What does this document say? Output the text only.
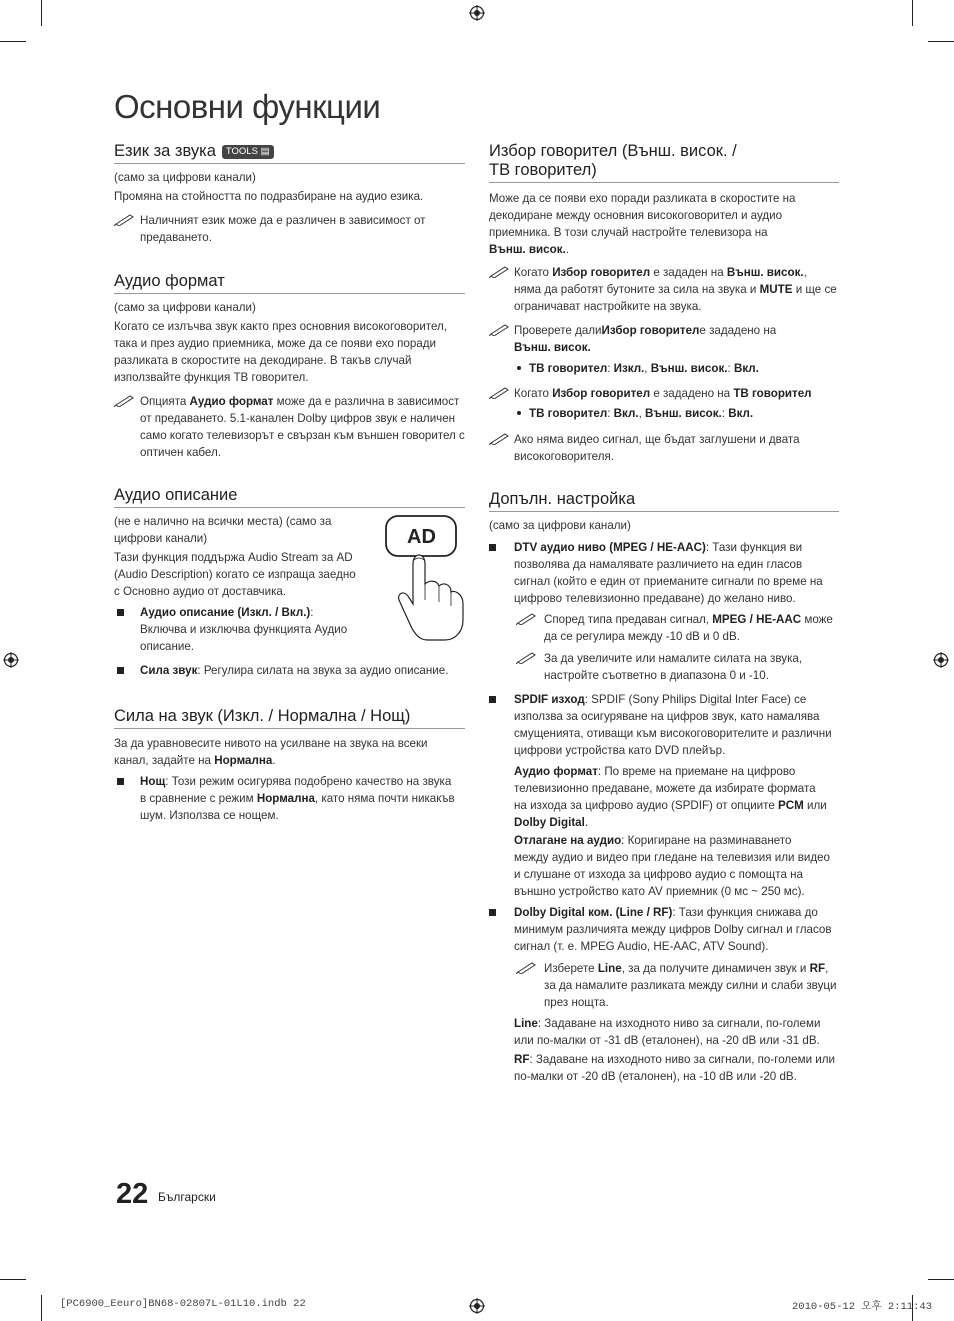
Основни функции
Език за звука TOOLS ▤
(само за цифрови канали)
Промяна на стойността по подразбиране на аудио езика.
Наличният език може да е различен в зависимост от
предаването.
Аудио формат
(само за цифрови канали)
Когато се излъчва звук както през основния високоговорител,
така и през аудио приемника, може да се появи ехо поради
разликата в скоростите на декодиране. В такъв случай
използвайте функция ТВ говорител.
Опцията Аудио формат може да е различна в зависимост
от предаването. 5.1-канален Dolby цифров звук е наличен
само когато телевизорът е свързан към външен говорител с
оптичен кабел.
Аудио описание
(не е налично на всички места) (само за
цифрови канали)
Тази функция поддържа Audio Stream за AD
(Audio Description) когато се изпраща заедно
с Основно аудио от доставчика.
AD
Аудио описание (Изкл. / Вкл.):
Включва и изключва функцията Аудио
описание.
Сила звук: Регулира силата на звука за аудио описание.
Сила на звук (Изкл. / Нормална / Нощ)
За да уравновесите нивото на усилване на звука на всеки
канал, задайте на Нормална.
Нощ: Този режим осигурява подобрено качество на звука
в сравнение с режим Нормална, като няма почти никакъв
шум. Използва се нощем.
Избор говорител (Външ. висок. /
ТВ говорител)
Може да се появи ехо поради разликата в скоростите на
декодиране между основния високоговорител и аудио
приемника. В този случай настройте телевизора на
Външ. висок..
Когато Избор говорител е зададен на Външ. висок.,
няма да работят бутоните за сила на звука и MUTE и ще се
ограничават настройките на звука.
Проверете далиИзбор говорителе зададено на
Външ. висок.
ТВ говорител: Изкл., Външ. висок.: Вкл.
Когато Избор говорител е зададено на ТВ говорител
ТВ говорител: Вкл., Външ. висок.: Вкл.
Ако няма видео сигнал, ще бъдат заглушени и двата
високоговорителя.
Допълн. настройка
(само за цифрови канали)
DTV аудио ниво (MPEG / HE-AAC): Тази функция ви
позволява да намалявате различието на един гласов
сигнал (който е един от приеманите сигнали по време на
цифрово телевизионно предаване) до желано ниво.
Според типа предаван сигнал, MPEG / HE-AAC може
да се регулира между -10 dB и 0 dB.
За да увеличите или намалите силата на звука,
настройте съответно в диапазона 0 и -10.
SPDIF изход: SPDIF (Sony Philips Digital Inter Face) се
използва за осигуряване на цифров звук, като намалява
смущенията, отиващи към високоговорителите и различни
цифрови устройства като DVD плейър.
Аудио формат: По време на приемане на цифрово
телевизионно предаване, можете да избирате формата
на изхода за цифрово аудио (SPDIF) от опциите PCM или
Dolby Digital.
Отлагане на аудио: Коригиране на разминаването
между аудио и видео при гледане на телевизия или видео
и слушане от изхода за цифрово аудио с помощта на
външно устройство като AV приемник (0 мс ~ 250 мс).
Dolby Digital ком. (Line / RF): Тази функция снижава до
минимум различията между цифров Dolby сигнал и гласов
сигнал (т. е. MPEG Audio, HE-AAC, ATV Sound).
Изберете Line, за да получите динамичен звук и RF,
за да намалите разликата между силни и слаби звуци
през нощта.
Line: Задаване на изходното ниво за сигнали, по-големи
или по-малки от -31 dB (еталонен), на -20 dB или -31 dB.
RF: Задаване на изходното ниво за сигнали, по-големи или
по-малки от -20 dB (еталонен), на -10 dB или -20 dB.
22 Български
[PC6900_Eeuro]BN68-02807L-01L10.indb 22	2010-05-12 오후 2:11:43
